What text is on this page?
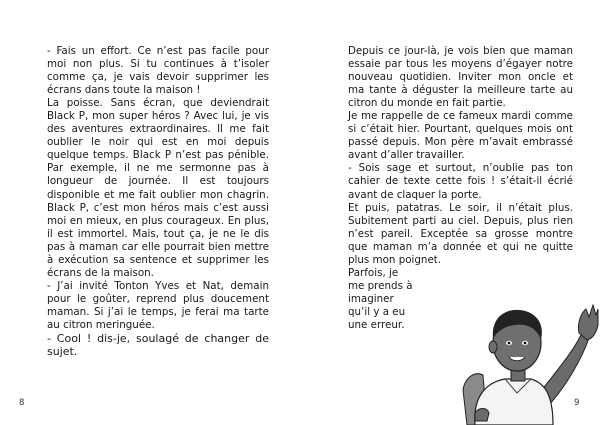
- Fais un effort. Ce n’est pas facile pour moi non plus. Si tu continues à t’isoler comme ça, je vais devoir supprimer les écrans dans toute la maison !

La poisse. Sans écran, que deviendrait Black P, mon super héros ? Avec lui, je vis des aventures extraordinaires. Il me fait oublier le noir qui est en moi depuis quelque temps. Black P n’est pas pénible. Par exemple, il ne me sermonne pas à longueur de journée. Il est toujours disponible et me fait oublier mon chagrin. Black P, c’est mon héros mais c’est aussi moi en mieux, en plus courageux. En plus, il est immortel. Mais, tout ça, je ne le dis pas à maman car elle pourrait bien mettre à exécution sa sentence et supprimer les écrans de la maison.

- J’ai invité Tonton Yves et Nat, demain pour le goûter, reprend plus doucement maman. Si j’ai le temps, je ferai ma tarte au citron meringuée.

- Cool ! dis-je, soulagé de changer de sujet.

8

Depuis ce jour-là, je vois bien que maman essaie par tous les moyens d’égayer notre nouveau quotidien. Inviter mon oncle et ma tante à déguster la meilleure tarte au citron du monde en fait partie.

Je me rappelle de ce fameux mardi comme si c’était hier. Pourtant, quelques mois ont passé depuis. Mon père m’avait embrassé avant d’aller travailler.

- Sois sage et surtout, n’oublie pas ton cahier de texte cette fois ! s’était-il écrié avant de claquer la porte.

Et puis, patatras. Le soir, il n’était plus. Subitement parti au ciel. Depuis, plus rien n’est pareil. Exceptée sa grosse montre que maman m’a donnée et qui ne quitte plus mon poignet.

Parfois, je me prends à imaginer qu’il y a eu une erreur.

9
